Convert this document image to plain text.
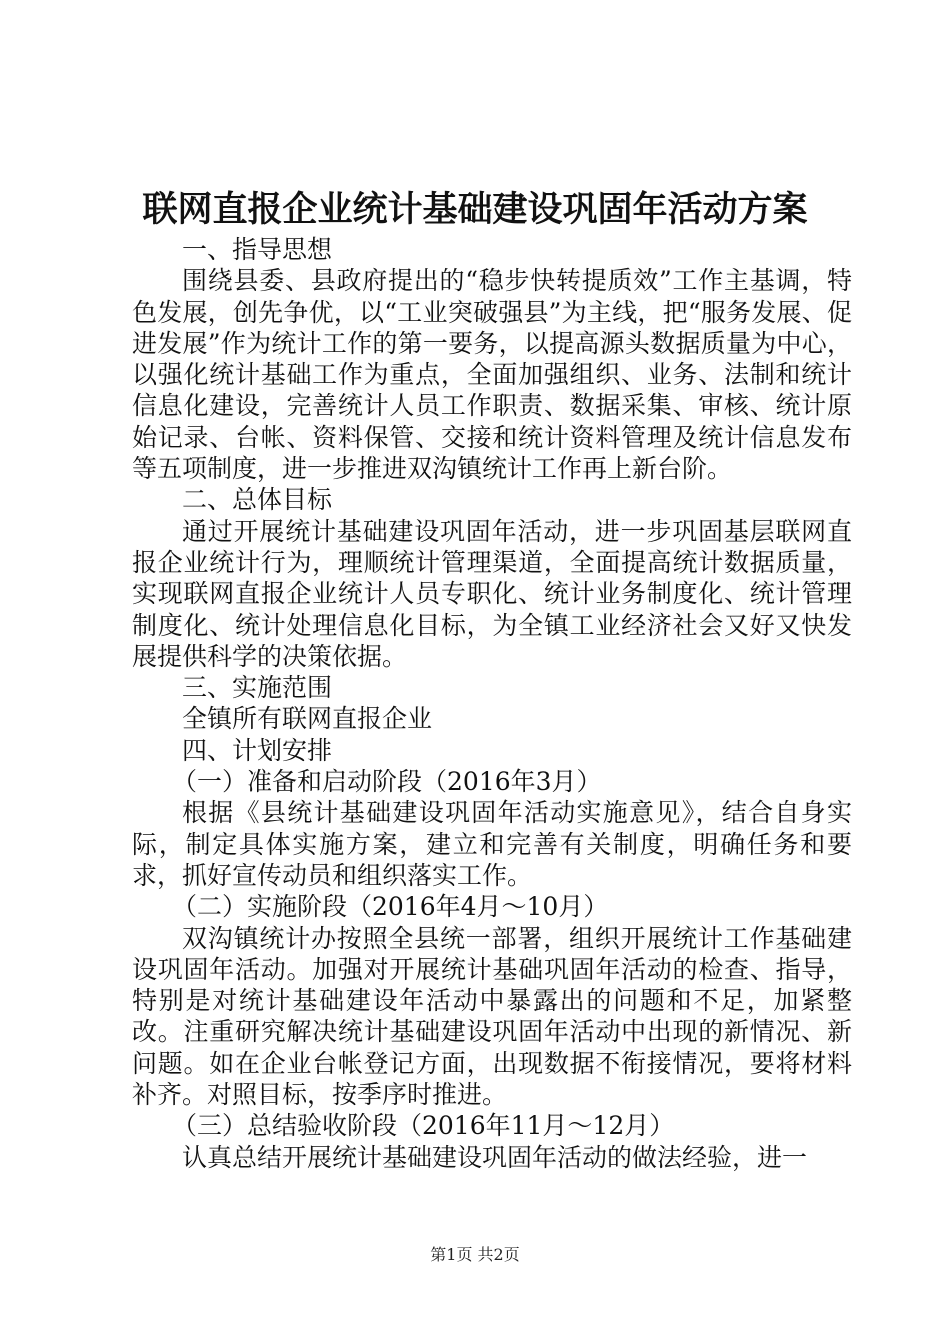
联网直报企业统计基础建设巩固年活动方案

一、指导思想

围绕县委、县政府提出的“稳步快转提质效”工作主基调，特色发展，创先争优，以“工业突破强县”为主线，把“服务发展、促进发展”作为统计工作的第一要务，以提高源头数据质量为中心，以强化统计基础工作为重点，全面加强组织、业务、法制和统计信息化建设，完善统计人员工作职责、数据采集、审核、统计原始记录、台帐、资料保管、交接和统计资料管理及统计信息发布等五项制度，进一步推进双沟镇统计工作再上新台阶。

二、总体目标

通过开展统计基础建设巩固年活动，进一步巩固基层联网直报企业统计行为，理顺统计管理渠道，全面提高统计数据质量，实现联网直报企业统计人员专职化、统计业务制度化、统计管理制度化、统计处理信息化目标，为全镇工业经济社会又好又快发展提供科学的决策依据。

三、实施范围

全镇所有联网直报企业

四、计划安排

（一）准备和启动阶段（2016年3月）

根据《县统计基础建设巩固年活动实施意见》，结合自身实际，制定具体实施方案，建立和完善有关制度，明确任务和要求，抓好宣传动员和组织落实工作。

（二）实施阶段（2016年4月～10月）

双沟镇统计办按照全县统一部署，组织开展统计工作基础建设巩固年活动。加强对开展统计基础巩固年活动的检查、指导，特别是对统计基础建设年活动中暴露出的问题和不足，加紧整改。注重研究解决统计基础建设巩固年活动中出现的新情况、新问题。如在企业台帐登记方面，出现数据不衔接情况，要将材料补齐。对照目标，按季序时推进。

（三）总结验收阶段（2016年11月～12月）

认真总结开展统计基础建设巩固年活动的做法经验，进一

第1页 共2页
